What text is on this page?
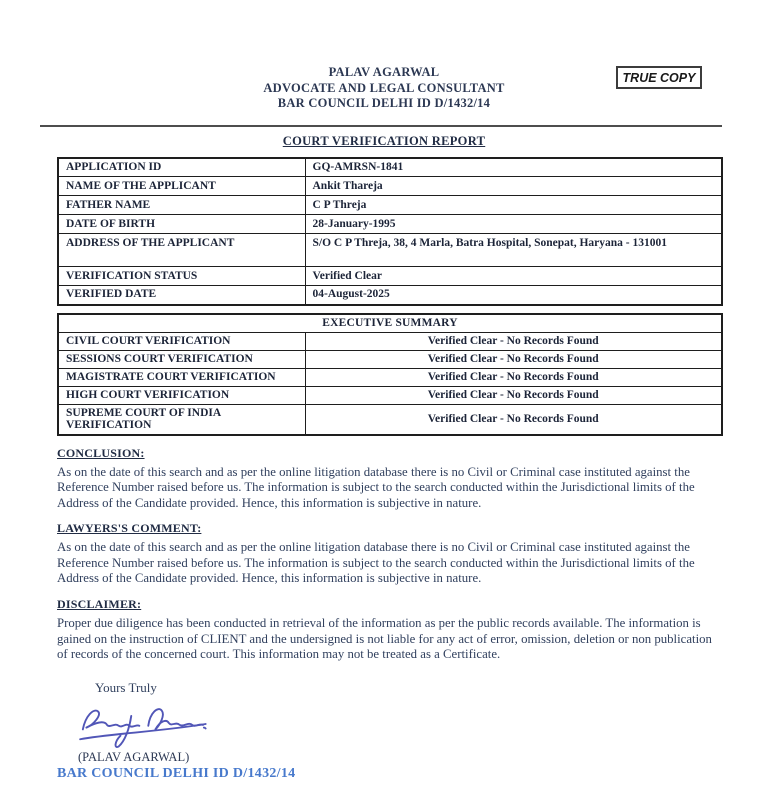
PALAV AGARWAL
ADVOCATE AND LEGAL CONSULTANT
BAR COUNCIL DELHI ID D/1432/14
TRUE COPY
COURT VERIFICATION REPORT
APPLICATION ID	GQ-AMRSN-1841
NAME OF THE APPLICANT	Ankit Thareja
FATHER NAME	C P Threja
DATE OF BIRTH	28-January-1995
ADDRESS OF THE APPLICANT	S/O C P Threja, 38, 4 Marla, Batra Hospital, Sonepat, Haryana - 131001
VERIFICATION STATUS	Verified Clear
VERIFIED DATE	04-August-2025
EXECUTIVE SUMMARY	
CIVIL COURT VERIFICATION	Verified Clear - No Records Found
SESSIONS COURT VERIFICATION	Verified Clear - No Records Found
MAGISTRATE COURT VERIFICATION	Verified Clear - No Records Found
HIGH COURT VERIFICATION	Verified Clear - No Records Found
SUPREME COURT OF INDIA VERIFICATION	Verified Clear - No Records Found
CONCLUSION:
As on the date of this search and as per the online litigation database there is no Civil or Criminal case instituted against the Reference Number raised before us. The information is subject to the search conducted within the Jurisdictional limits of the Address of the Candidate provided. Hence, this information is subjective in nature.
LAWYERS'S COMMENT:
As on the date of this search and as per the online litigation database there is no Civil or Criminal case instituted against the Reference Number raised before us. The information is subject to the search conducted within the Jurisdictional limits of the Address of the Candidate provided. Hence, this information is subjective in nature.
DISCLAIMER:
Proper due diligence has been conducted in retrieval of the information as per the public records available. The information is gained on the instruction of CLIENT and the undersigned is not liable for any act of error, omission, deletion or non publication of records of the concerned court. This information may not be treated as a Certificate.
Yours Truly
(PALAV AGARWAL)
BAR COUNCIL DELHI ID D/1432/14
